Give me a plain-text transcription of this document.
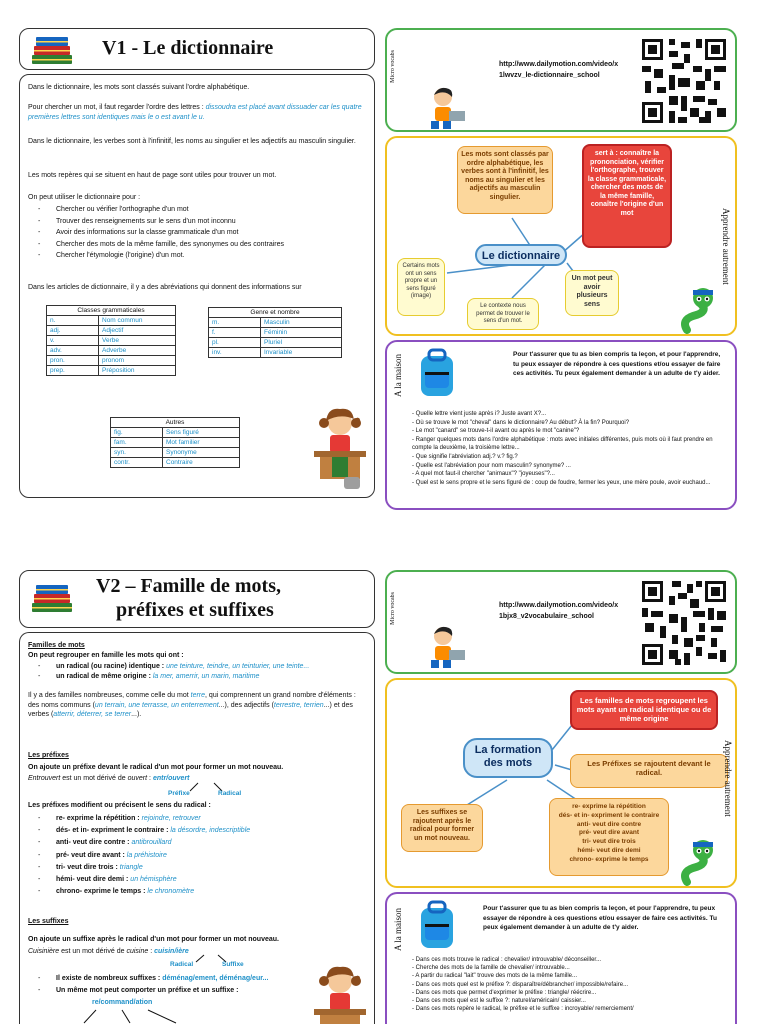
V1 - Le dictionnaire
Dans le dictionnaire, les mots sont classés suivant l'ordre alphabétique.
Pour chercher un mot, il faut regarder l'ordre des lettres : dissoudra est placé avant dissuader car les quatre premières lettres sont identiques mais le o est avant le u.
Dans le dictionnaire, les verbes sont à l'infinitif, les noms au singulier et les adjectifs au masculin singulier.
Les mots repères qui se situent en haut de page sont utiles pour trouver un mot.
On peut utiliser le dictionnaire pour :
- Chercher ou vérifier l'orthographe d'un mot
- Trouver des renseignements sur le sens d'un mot inconnu
- Avoir des informations sur la classe grammaticale d'un mot
- Chercher des mots de la même famille, des synonymes ou des contraires
- Chercher l'étymologie (l'origine) d'un mot.
Dans les articles de dictionnaire, il y a des abréviations qui donnent des informations sur
Classes grammaticales	
n.	Nom commun
adj.	Adjectif
v.	Verbe
adv.	Adverbe
pron.	pronom
prep.	Préposition
Genre et nombre	
m.	Masculin
f.	Féminin
pl.	Pluriel
inv.	Invariable
Autres	
fig.	Sens figuré
fam.	Mot familier
syn.	Synonyme
contr.	Contraire
Micro vocabs	http://www.dailymotion.com/video/x1lwvzv_le-dictionnaire_school
Les mots sont classés par ordre alphabétique, les verbes sont à l'infinitif, les noms au singulier et les adjectifs au masculin singulier.
sert à : connaître la prononciation, vérifier l'orthographe, trouver la classe grammaticale, chercher des mots de la même famille, conaître l'origine d'un mot
Le dictionnaire
Certains mots ont un sens propre et un sens figuré (image)
Un mot peut avoir plusieurs sens
Le contexte nous permet de trouver le sens d'un mot.
Apprendre autrement
A la maison	Pour t'assurer que tu as bien compris ta leçon, et pour l'apprendre, tu peux essayer de répondre à ces questions et/ou essayer de faire ces activités. Tu peux également demander à un adulte de t'y aider.
- Quelle lettre vient juste après i? Juste avant X?...
- Où se trouve le mot "cheval" dans le dictionnaire? Au début? À la fin? Pourquoi?
- Le mot "canard" se trouve-t-il avant ou après le mot "canine"?
- Ranger quelques mots dans l'ordre alphabétique : mots avec initiales différentes, puis mots où il faut prendre en compte la deuxième, la troisième lettre...
- Que signifie l'abréviation adj.? v.? fig.?
- Quelle est l'abréviation pour nom masculin? synonyme? ...
- A quel mot faut-il chercher "animaux"? "joyeuses"?...
- Quel est le sens propre et le sens figuré de : coup de foudre, fermer les yeux, une mère poule, avoir euchaud...
V2 – Famille de mots,
préfixes et suffixes
Familles de mots
On peut regrouper en famille les mots qui ont :
- un radical (ou racine) identique : une teinture, teindre, un teinturier, une teinte...
- un radical de même origine : la mer, amerrir, un marin, maritime
Il y a des familles nombreuses, comme celle du mot terre, qui comprennent un grand nombre d'éléments : des noms communs (un terrain, une terrasse, un enterrement...), des adjectifs (terrestre, terrien...) et des verbes (atterrir, déterrer, se terrer...).
Les préfixes
On ajoute un préfixe devant le radical d'un mot pour former un mot nouveau.
Entrouvert est un mot dérivé de ouvert : entr/ouvert
Préfixe	Radical
Les préfixes modifient ou précisent le sens du radical :
- re- exprime la répétition : rejoindre, retrouver
- dés- et in- expriment le contraire : la désordre, indescriptible
- anti- veut dire contre : antibrouillard
- pré- veut dire avant : la préhistoire
- tri- veut dire trois : triangle
- hémi- veut dire demi : un hémisphère
- chrono- exprime le temps : le chronomètre
Les suffixes
On ajoute un suffixe après le radical d'un mot pour former un mot nouveau.
Cuisinière est un mot dérivé de cuisine : cuisin/ière
Radical	Suffixe
- Il existe de nombreux suffixes : déménag/ement, déménag/eur...
- Un même mot peut comporter un préfixe et un suffixe :
re/command/ation
Micro vocabs	http://www.dailymotion.com/video/x1bjx8_v2vocabulaire_school
Les familles de mots regroupent les mots ayant un radical identique ou de même origine
La formation des mots	Les Préfixes se rajoutent devant le radical.
Les suffixes se rajoutent après le radical pour former un mot nouveau.
re- exprime la répétition
dés- et in- expriment le contraire
anti- veut dire contre
pré- veut dire avant
tri- veut dire trois
hémi- veut dire demi
chrono- exprime le temps
Apprendre autrement
A la maison	Pour t'assurer que tu as bien compris ta leçon, et pour l'apprendre, tu peux essayer de répondre à ces questions et/ou essayer de faire ces activités. Tu peux également demander à un adulte de t'y aider.
- Dans ces mots trouve le radical : chevalier/ introuvable/ déconseiller...
- Cherche des mots de la famille de chevalier/ introuvable...
- A partir du radical "lait" trouve des mots de la même famille...
- Dans ces mots quel est le préfixe ?: disparaître/débrancher/ impossible/refaire...
- Dans ces mots que permet d'exprimer le préfixe : triangle/ réécrire...
- Dans ces mots quel est le suffixe ?: naturel/américain/ caissier...
- Dans ces mots repère le radical, le préfixe et le suffixe : incroyable/ remerciement/
